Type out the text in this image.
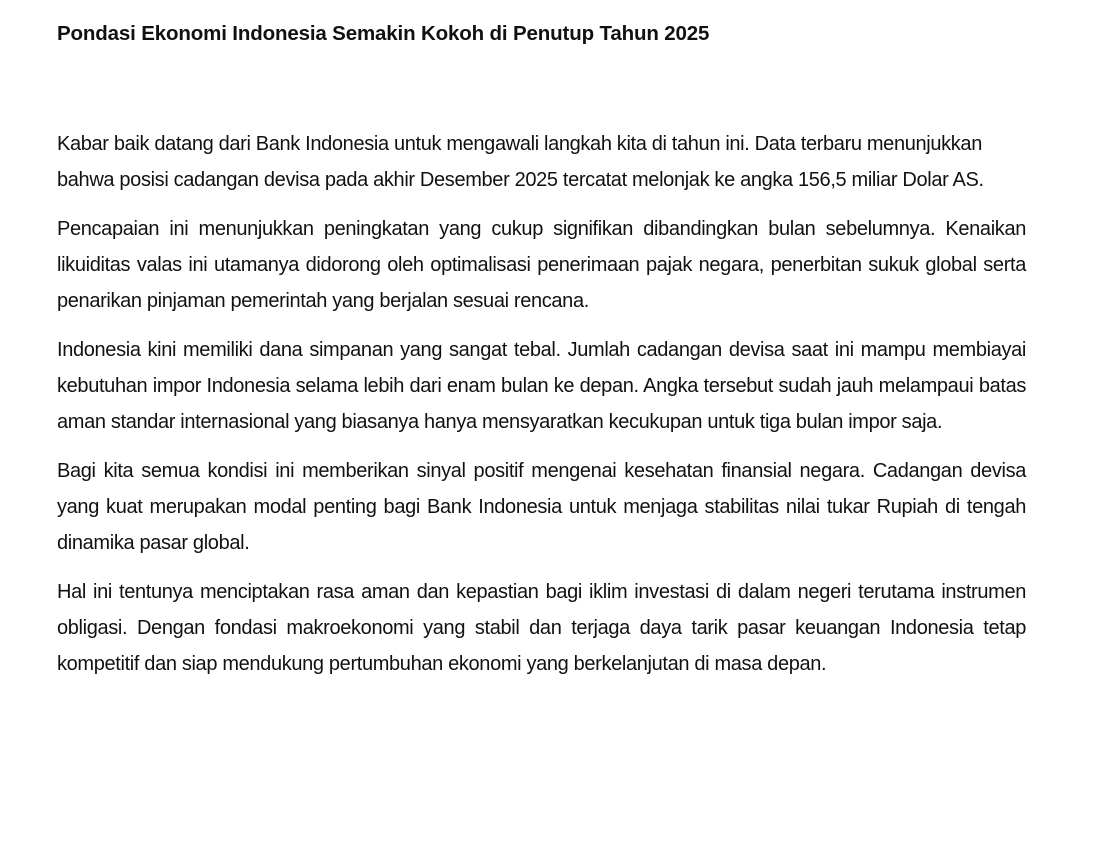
Pondasi Ekonomi Indonesia Semakin Kokoh di Penutup Tahun 2025

Kabar baik datang dari Bank Indonesia untuk mengawali langkah kita di tahun ini. Data terbaru menunjukkan bahwa posisi cadangan devisa pada akhir Desember 2025 tercatat melonjak ke angka 156,5 miliar Dolar AS.

Pencapaian ini menunjukkan peningkatan yang cukup signifikan dibandingkan bulan sebelumnya. Kenaikan likuiditas valas ini utamanya didorong oleh optimalisasi penerimaan pajak negara, penerbitan sukuk global serta penarikan pinjaman pemerintah yang berjalan sesuai rencana.

Indonesia kini memiliki dana simpanan yang sangat tebal. Jumlah cadangan devisa saat ini mampu membiayai kebutuhan impor Indonesia selama lebih dari enam bulan ke depan. Angka tersebut sudah jauh melampaui batas aman standar internasional yang biasanya hanya mensyaratkan kecukupan untuk tiga bulan impor saja.

Bagi kita semua kondisi ini memberikan sinyal positif mengenai kesehatan finansial negara. Cadangan devisa yang kuat merupakan modal penting bagi Bank Indonesia untuk menjaga stabilitas nilai tukar Rupiah di tengah dinamika pasar global.

Hal ini tentunya menciptakan rasa aman dan kepastian bagi iklim investasi di dalam negeri terutama instrumen obligasi. Dengan fondasi makroekonomi yang stabil dan terjaga daya tarik pasar keuangan Indonesia tetap kompetitif dan siap mendukung pertumbuhan ekonomi yang berkelanjutan di masa depan.
